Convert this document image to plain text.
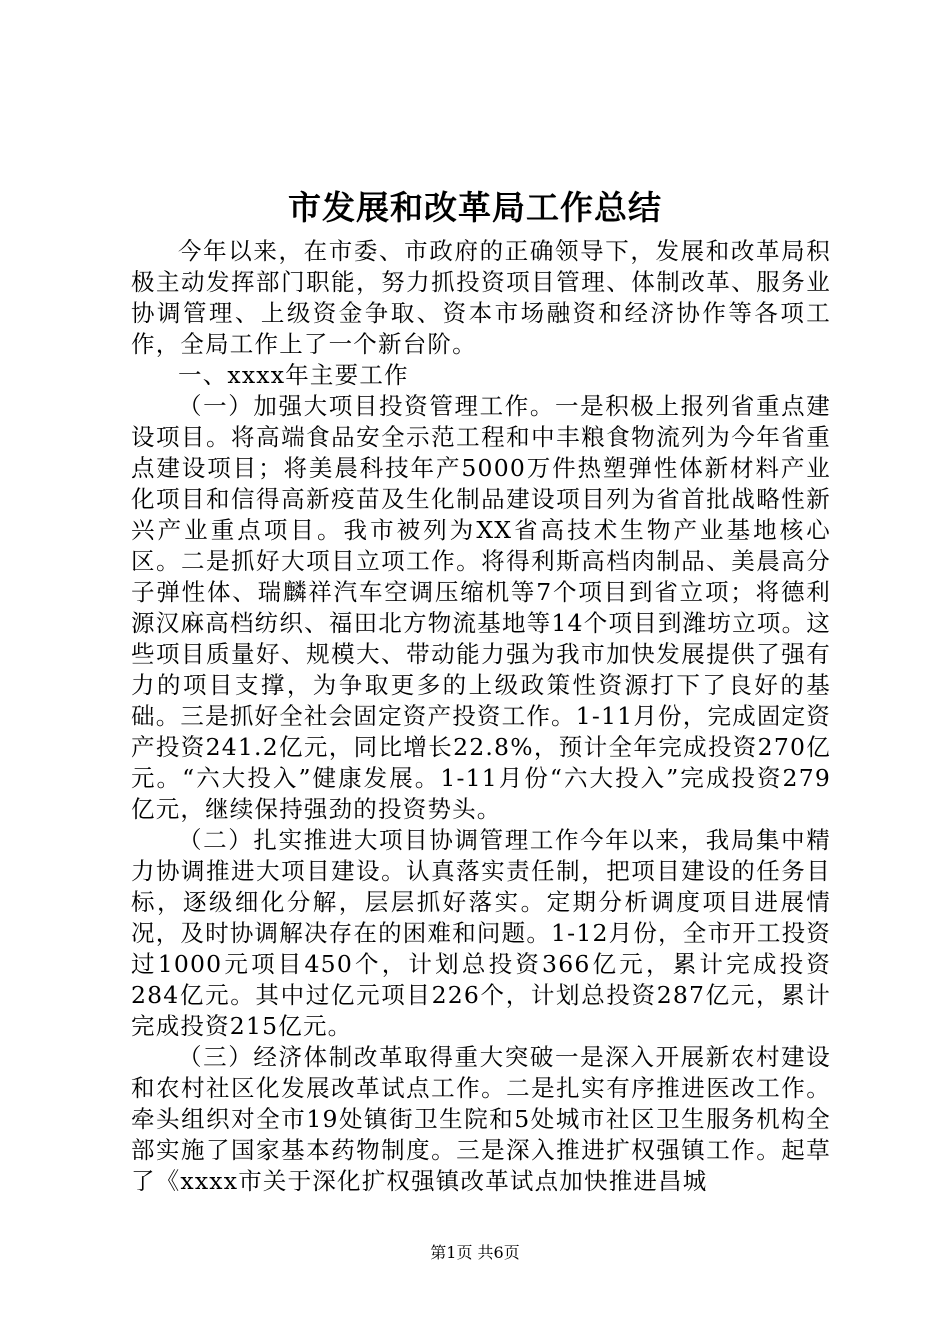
市发展和改革局工作总结

今年以来，在市委、市政府的正确领导下，发展和改革局积极主动发挥部门职能，努力抓投资项目管理、体制改革、服务业协调管理、上级资金争取、资本市场融资和经济协作等各项工作，全局工作上了一个新台阶。

一、xxxx年主要工作

（一）加强大项目投资管理工作。一是积极上报列省重点建设项目。将高端食品安全示范工程和中丰粮食物流列为今年省重点建设项目；将美晨科技年产5000万件热塑弹性体新材料产业化项目和信得高新疫苗及生化制品建设项目列为省首批战略性新兴产业重点项目。我市被列为XX省高技术生物产业基地核心区。二是抓好大项目立项工作。将得利斯高档肉制品、美晨高分子弹性体、瑞麟祥汽车空调压缩机等7个项目到省立项；将德利源汉麻高档纺织、福田北方物流基地等14个项目到潍坊立项。这些项目质量好、规模大、带动能力强为我市加快发展提供了强有力的项目支撑，为争取更多的上级政策性资源打下了良好的基础。三是抓好全社会固定资产投资工作。1-11月份，完成固定资产投资241.2亿元，同比增长22.8%，预计全年完成投资270亿元。“六大投入”健康发展。1-11月份“六大投入”完成投资279亿元，继续保持强劲的投资势头。

（二）扎实推进大项目协调管理工作今年以来，我局集中精力协调推进大项目建设。认真落实责任制，把项目建设的任务目标，逐级细化分解，层层抓好落实。定期分析调度项目进展情况，及时协调解决存在的困难和问题。1-12月份，全市开工投资过1000元项目450个，计划总投资366亿元，累计完成投资284亿元。其中过亿元项目226个，计划总投资287亿元，累计完成投资215亿元。

（三）经济体制改革取得重大突破一是深入开展新农村建设和农村社区化发展改革试点工作。二是扎实有序推进医改工作。牵头组织对全市19处镇街卫生院和5处城市社区卫生服务机构全部实施了国家基本药物制度。三是深入推进扩权强镇工作。起草了《xxxx市关于深化扩权强镇改革试点加快推进昌城

第1页 共6页
